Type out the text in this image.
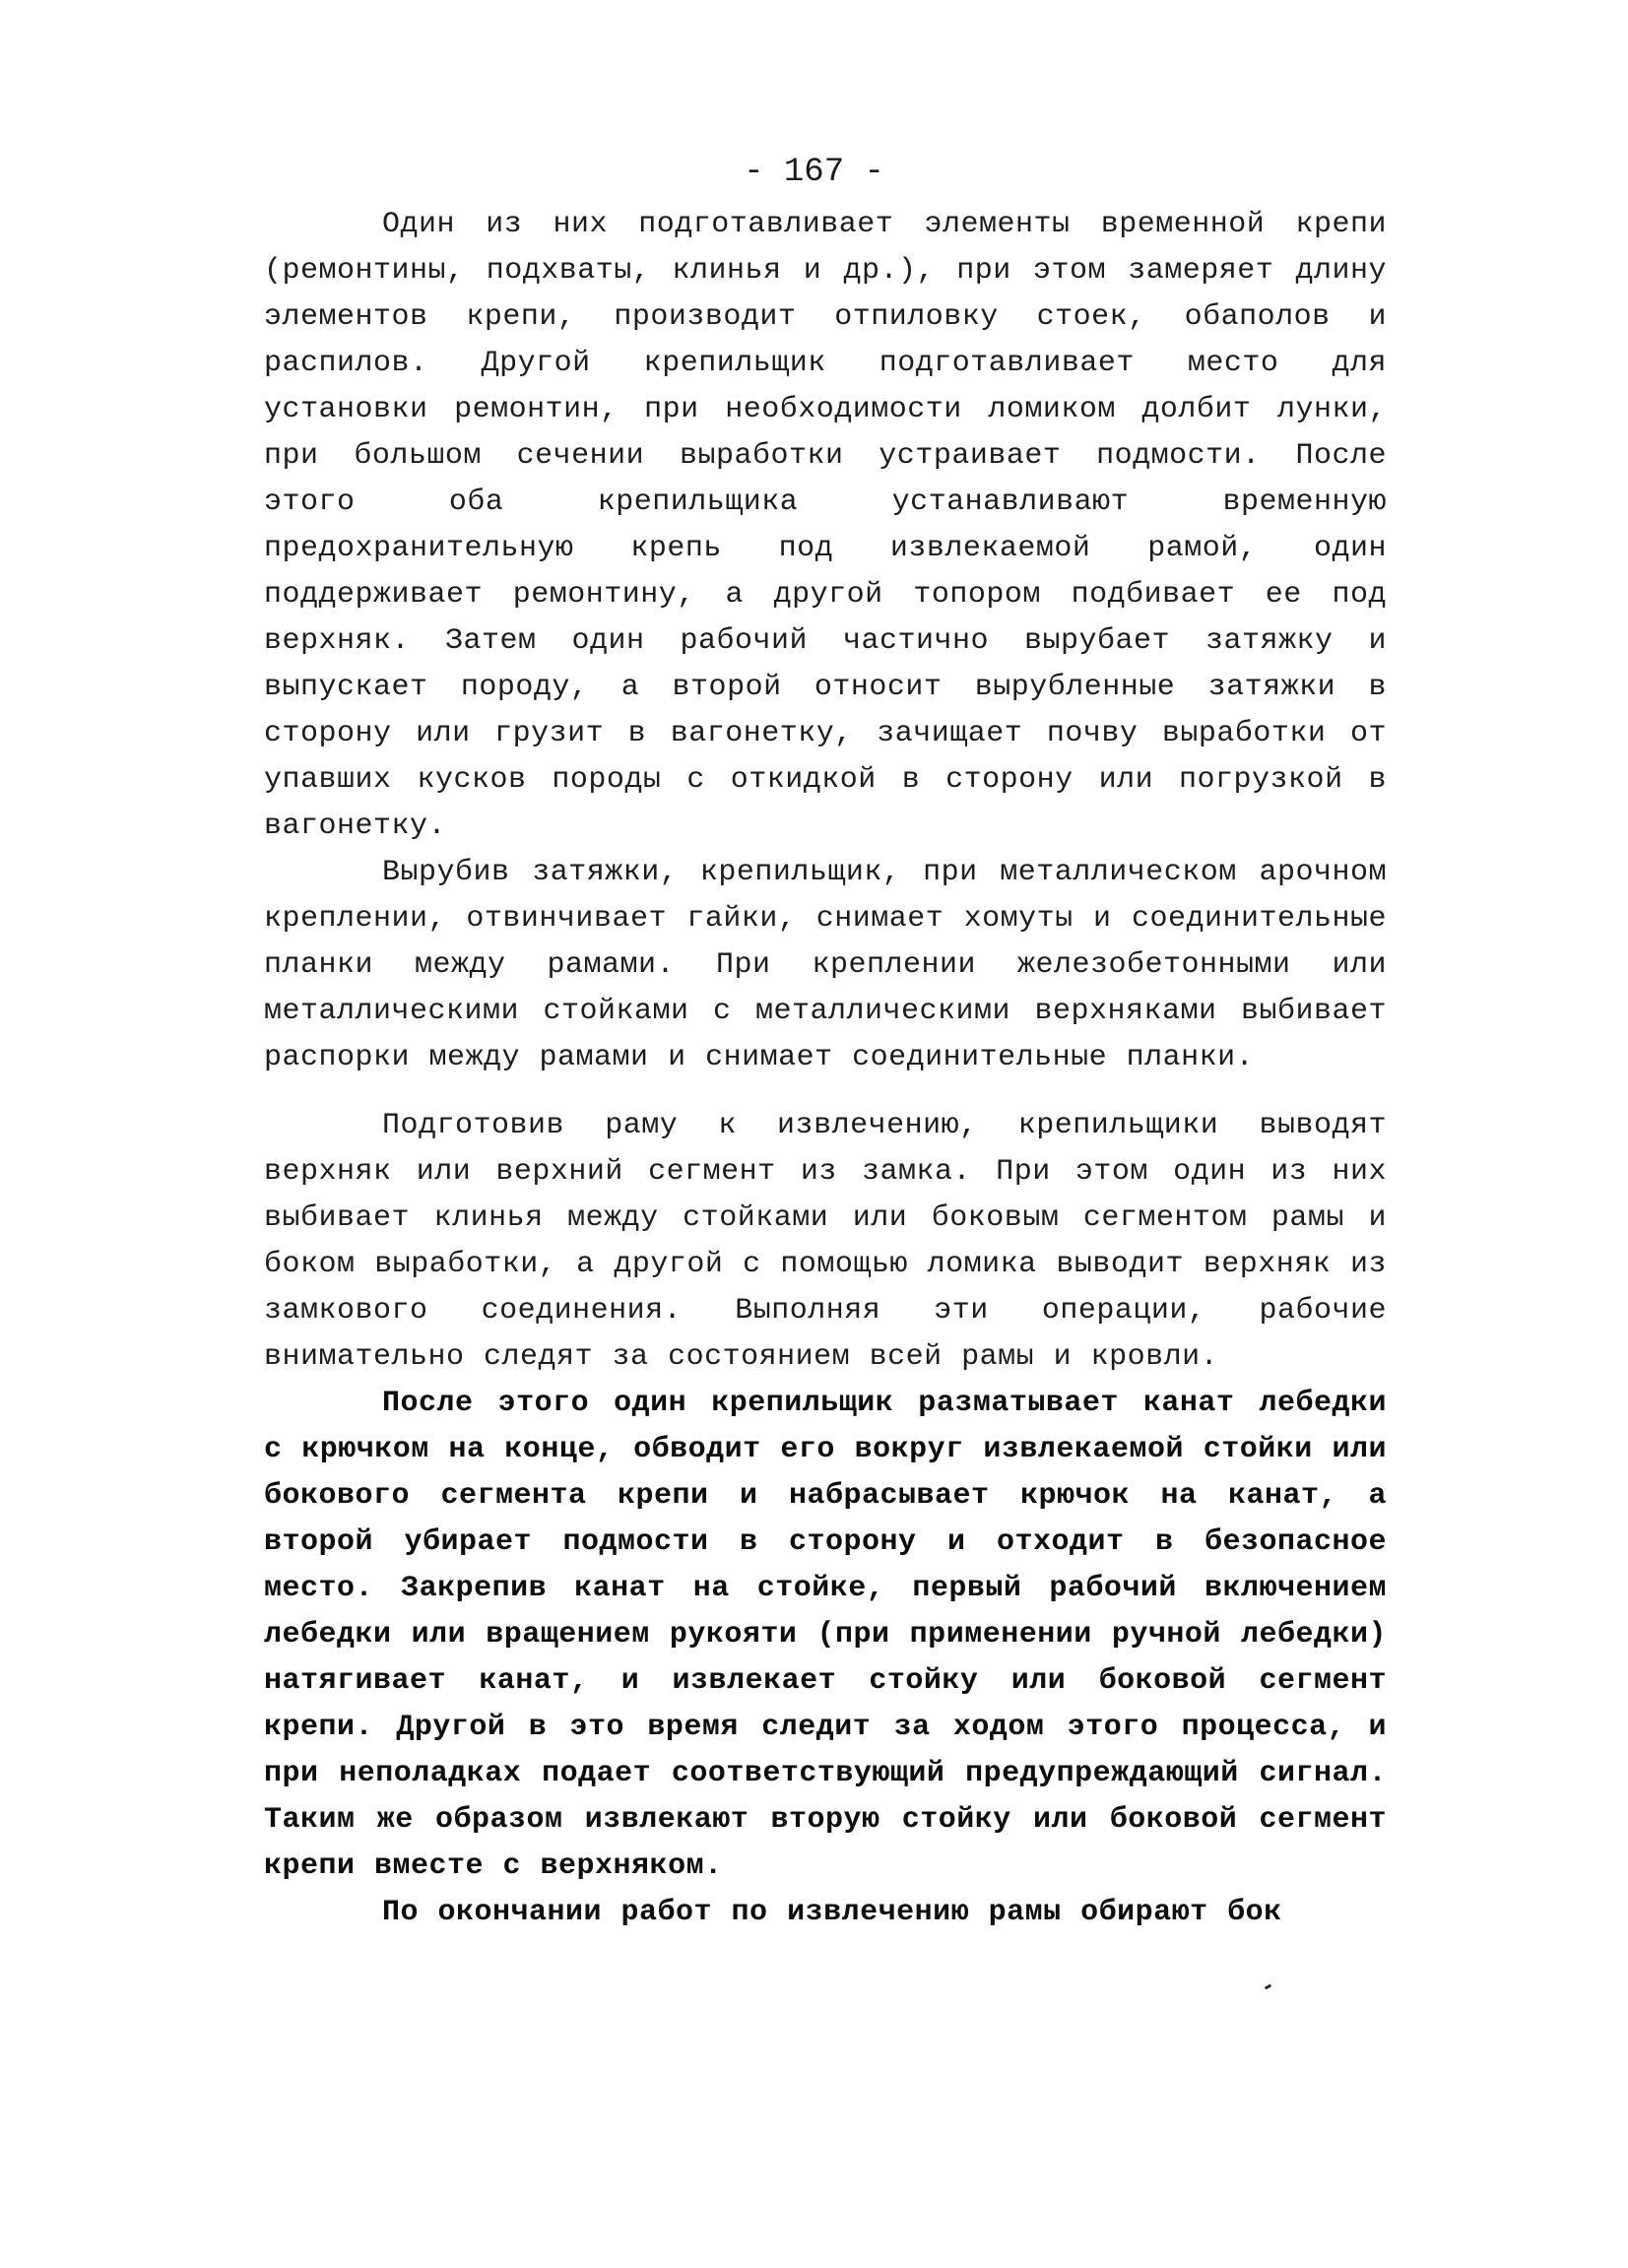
- 167 -

Один из них подготавливает элементы временной крепи (ремонтины, подхваты, клинья и др.), при этом замеряет длину элементов крепи, производит отпиловку стоек, обаполов и распилов. Другой крепильщик подготавливает место для установки ремонтин, при необходимости ломиком долбит лунки, при большом сечении выработки устраивает подмости. После этого оба крепильщика устанавливают временную предохранительную крепь под извлекаемой рамой, один поддерживает ремонтину, а другой топором подбивает ее под верхняк. Затем один рабочий частично вырубает затяжку и выпускает породу, а второй относит вырубленные затяжки в сторону или грузит в вагонетку, зачищает почву выработки от упавших кусков породы с откидкой в сторону или погрузкой в вагонетку.

Вырубив затяжки, крепильщик, при металлическом арочном креплении, отвинчивает гайки, снимает хомуты и соединительные планки между рамами. При креплении железобетонными или металлическими стойками с металлическими верхняками выбивает распорки между рамами и снимает соединительные планки.

Подготовив раму к извлечению, крепильщики выводят верхняк или верхний сегмент из замка. При этом один из них выбивает клинья между стойками или боковым сегментом рамы и боком выработки, а другой с помощью ломика выводит верхняк из замкового соединения. Выполняя эти операции, рабочие внимательно следят за состоянием всей рамы и кровли.

После этого один крепильщик разматывает канат лебедки с крючком на конце, обводит его вокруг извлекаемой стойки или бокового сегмента крепи и набрасывает крючок на канат, а второй убирает подмости в сторону и отходит в безопасное место. Закрепив канат на стойке, первый рабочий включением лебедки или вращением рукояти (при применении ручной лебедки) натягивает канат, и извлекает стойку или боковой сегмент крепи. Другой в это время следит за ходом этого процесса, и при неполадках подает соответствующий предупреждающий сигнал. Таким же образом извлекают вторую стойку или боковой сегмент крепи вместе с верхняком.

По окончании работ по извлечению рамы обирают бок
